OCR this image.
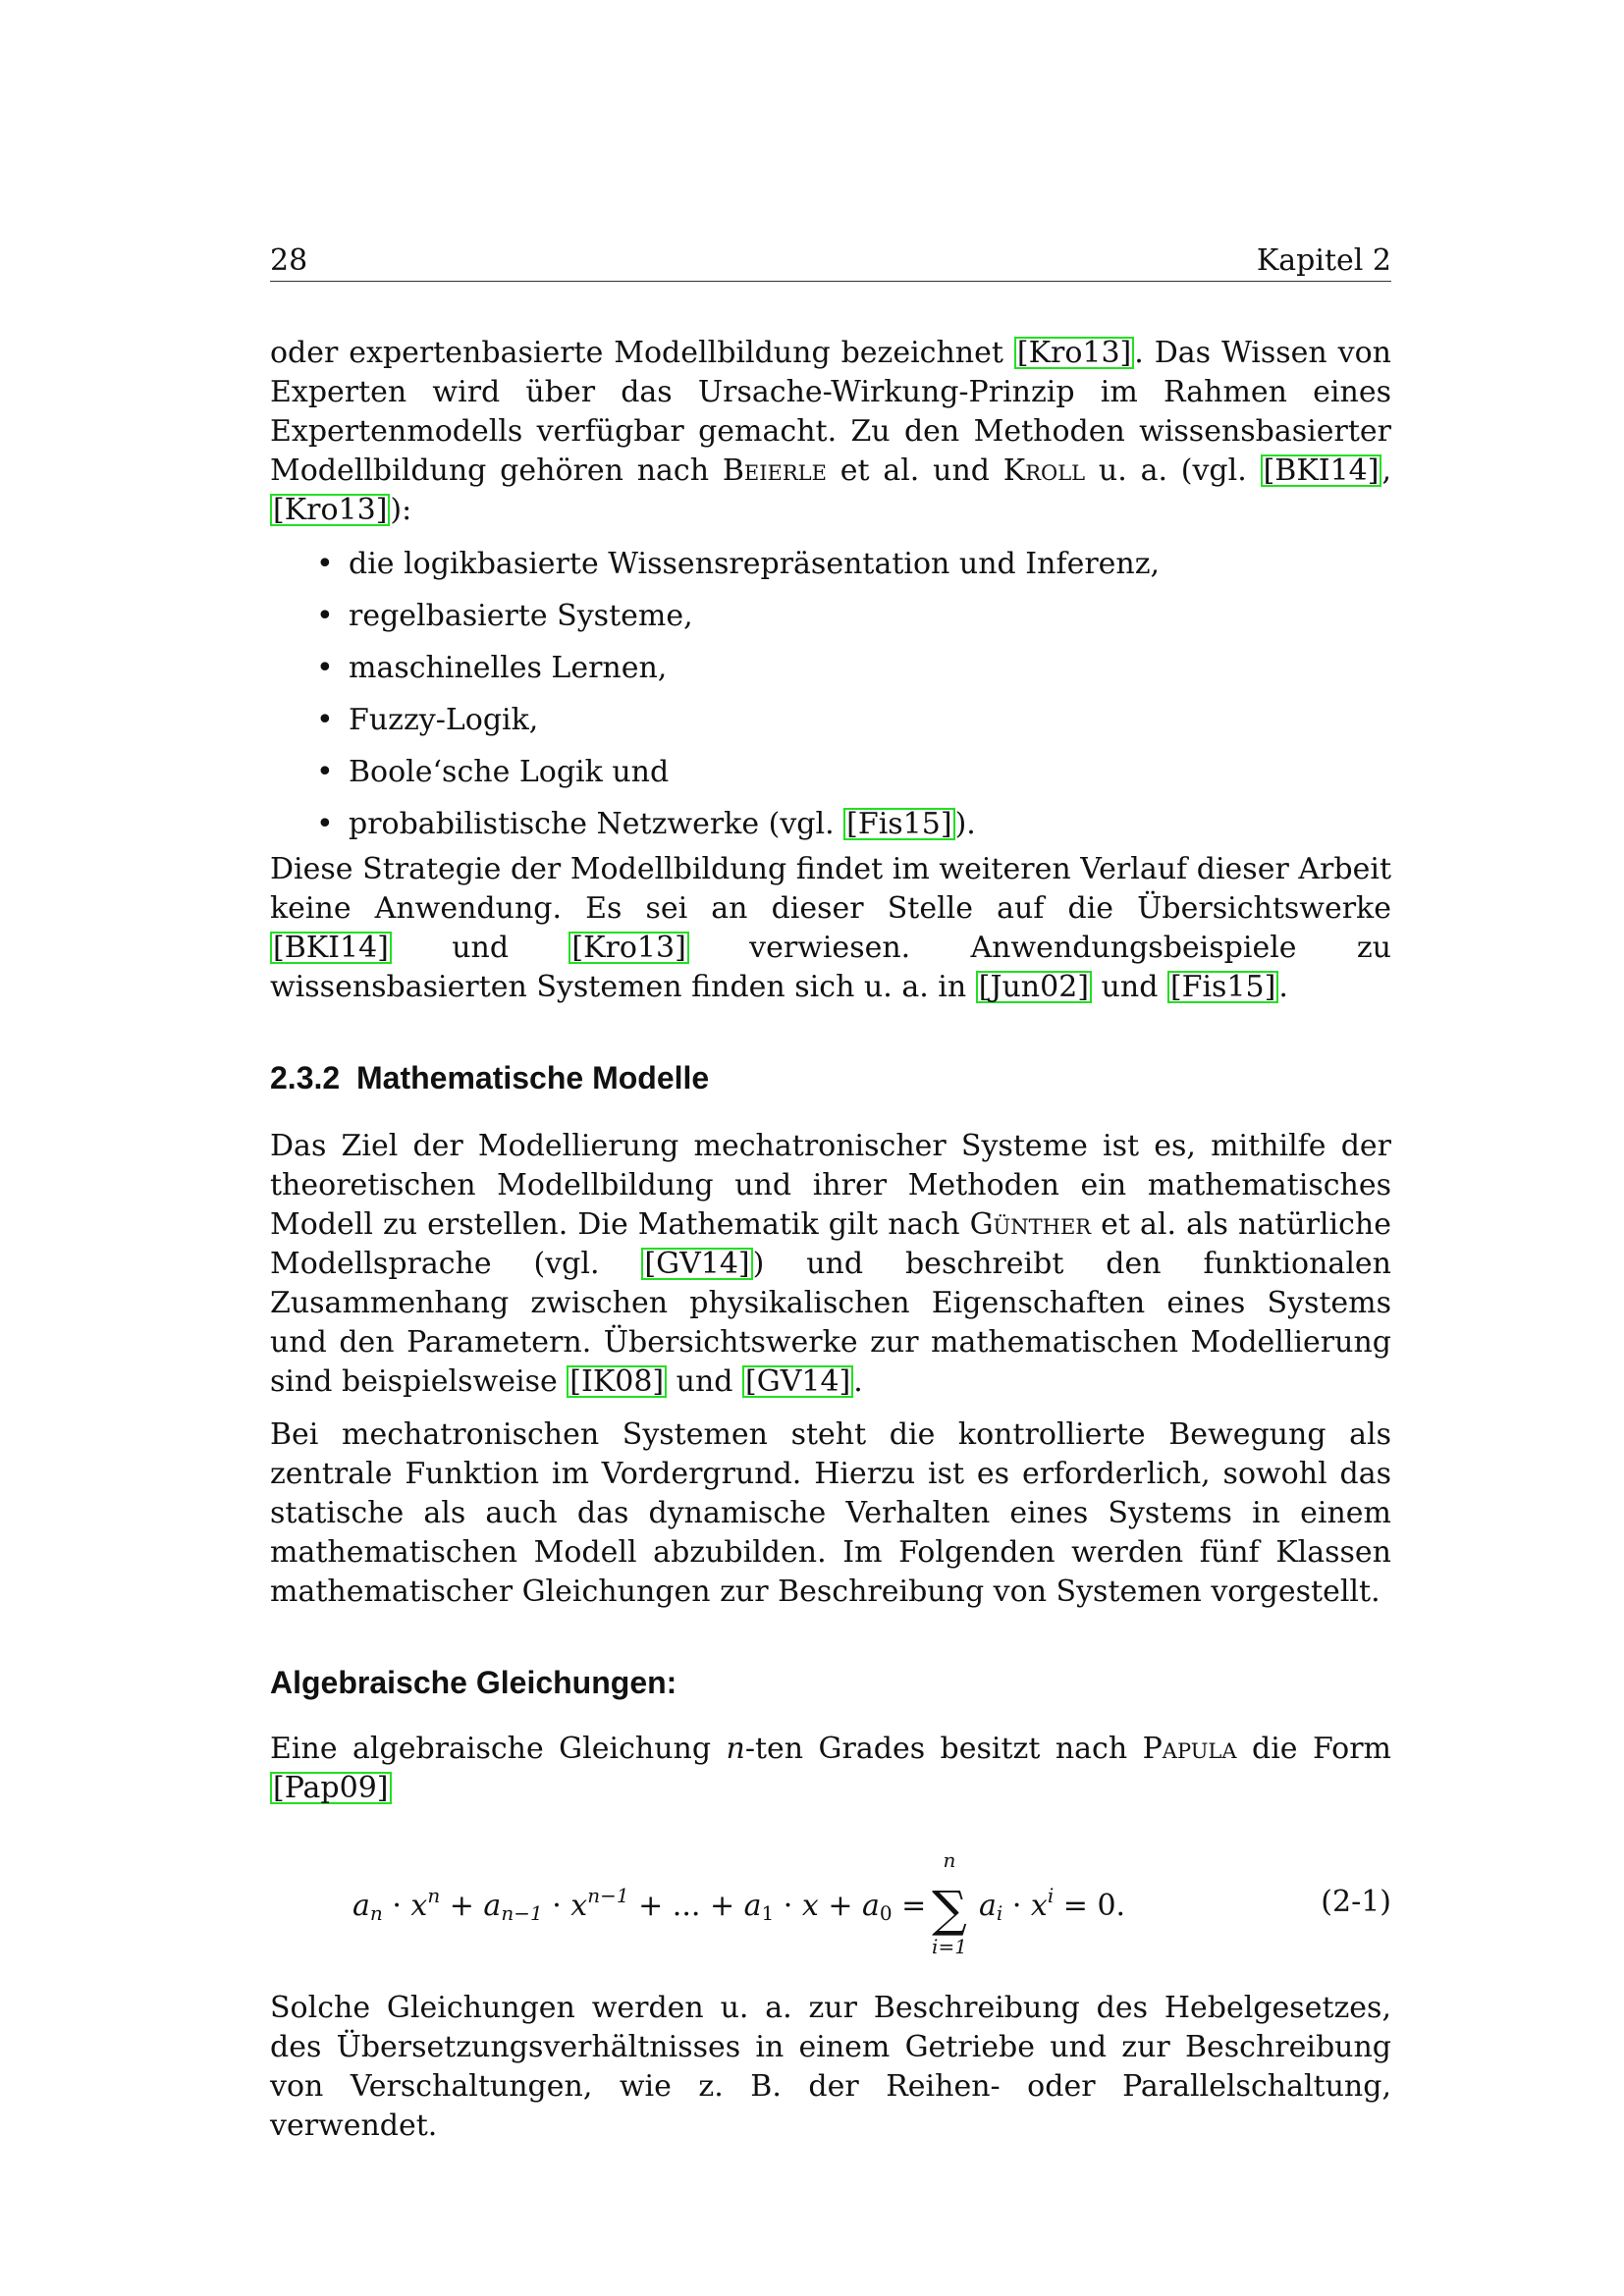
28	Kapitel 2

oder expertenbasierte Modellbildung bezeichnet [Kro13] . Das Wissen von Experten wird über das Ursache-Wirkung-Prinzip im Rahmen eines Expertenmodells verfügbar gemacht. Zu den Methoden wissensbasierter Modellbildung gehören nach Beierle et al. und Kroll u. a. (vgl. [BKI14] , [Kro13] ):

• die logikbasierte Wissensrepräsentation und Inferenz,
• regelbasierte Systeme,
• maschinelles Lernen,
• Fuzzy-Logik,
• Boole‘sche Logik und
• probabilistische Netzwerke (vgl. [Fis15] ).

Diese Strategie der Modellbildung findet im weiteren Verlauf dieser Arbeit keine Anwendung. Es sei an dieser Stelle auf die Übersichtswerke [BKI14] und [Kro13] verwiesen. Anwendungsbeispiele zu wissensbasierten Systemen finden sich u. a. in [Jun02] und [Fis15] .

2.3.2 Mathematische Modelle

Das Ziel der Modellierung mechatronischer Systeme ist es, mithilfe der theoretischen Modellbildung und ihrer Methoden ein mathematisches Modell zu erstellen. Die Mathematik gilt nach Günther et al. als natürliche Modellsprache (vgl. [GV14] ) und beschreibt den funktionalen Zusammenhang zwischen physikalischen Eigenschaften eines Systems und den Parametern. Übersichtswerke zur mathematischen Modellierung sind beispielsweise [IK08] und [GV14] .

Bei mechatronischen Systemen steht die kontrollierte Bewegung als zentrale Funktion im Vordergrund. Hierzu ist es erforderlich, sowohl das statische als auch das dynamische Verhalten eines Systems in einem mathematischen Modell abzubilden. Im Folgenden werden fünf Klassen mathematischer Gleichungen zur Beschreibung von Systemen vorgestellt.

Algebraische Gleichungen:

Eine algebraische Gleichung n-ten Grades besitzt nach Papula die Form [Pap09]

an · $x^n + an-1 \cdot x^{n-1}$ + ... + a1 · x + a0 =
n
∑
i=1
ai · $x^i = 0$.	(2-1)

Solche Gleichungen werden u. a. zur Beschreibung des Hebelgesetzes, des Übersetzungsverhältnisses in einem Getriebe und zur Beschreibung von Verschaltungen, wie z. B. der Reihen- oder Parallelschaltung, verwendet.
